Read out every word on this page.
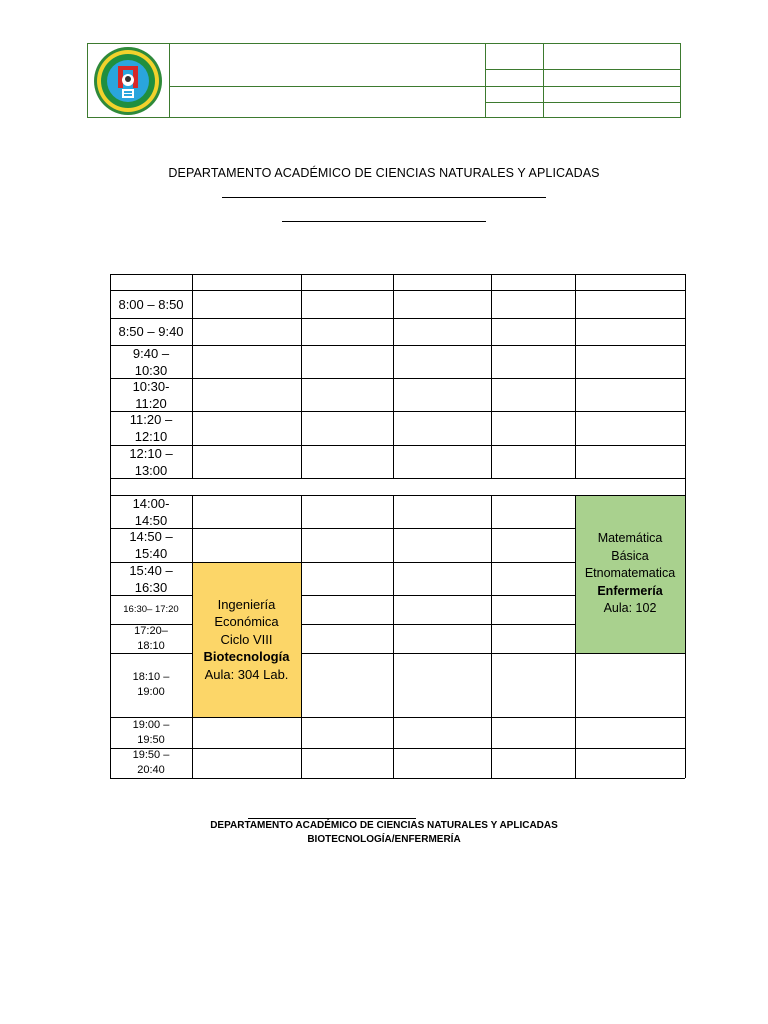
DEPARTAMENTO ACADÉMICO DE CIENCIAS NATURALES Y APLICADAS
8:00 – 8:50
8:50 – 9:40
9:40 –
10:30
10:30-
11:20
11:20 –
12:10
12:10 –
13:00
14:00-
14:50
14:50 –
15:40
15:40 –
16:30
16:30– 17:20
17:20–
18:10
18:10 –
19:00
19:00 –
19:50
19:50 –
20:40
Ingeniería
Económica
Ciclo VIII
Biotecnología
Aula: 304 Lab.
Matemática
Básica
Etnomatematica
Enfermería
Aula: 102
DEPARTAMENTO ACADÉMICO DE CIENCIAS NATURALES Y APLICADAS
BIOTECNOLOGÍA/ENFERMERÍA
